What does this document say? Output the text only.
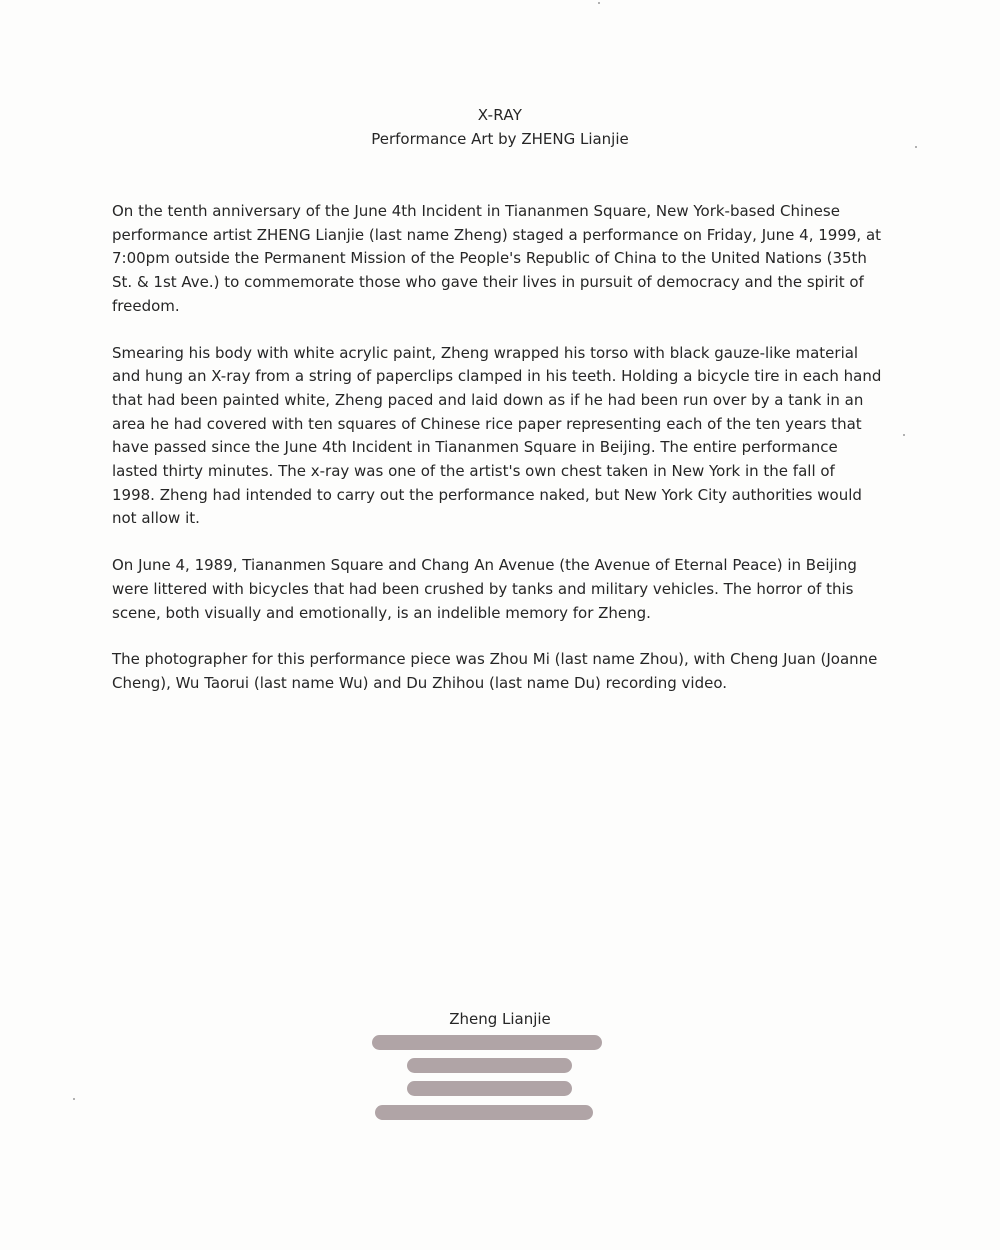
X-RAY
Performance Art by ZHENG Lianjie

On the tenth anniversary of the June 4th Incident in Tiananmen Square, New York-based Chinese performance artist ZHENG Lianjie (last name Zheng) staged a performance on Friday, June 4, 1999, at 7:00pm outside the Permanent Mission of the People's Republic of China to the United Nations (35th St. & 1st Ave.) to commemorate those who gave their lives in pursuit of democracy and the spirit of freedom.

Smearing his body with white acrylic paint, Zheng wrapped his torso with black gauze-like material and hung an X-ray from a string of paperclips clamped in his teeth. Holding a bicycle tire in each hand that had been painted white, Zheng paced and laid down as if he had been run over by a tank in an area he had covered with ten squares of Chinese rice paper representing each of the ten years that have passed since the June 4th Incident in Tiananmen Square in Beijing. The entire performance lasted thirty minutes. The x-ray was one of the artist's own chest taken in New York in the fall of 1998. Zheng had intended to carry out the performance naked, but New York City authorities would not allow it.

On June 4, 1989, Tiananmen Square and Chang An Avenue (the Avenue of Eternal Peace) in Beijing were littered with bicycles that had been crushed by tanks and military vehicles. The horror of this scene, both visually and emotionally, is an indelible memory for Zheng.

The photographer for this performance piece was Zhou Mi (last name Zhou), with Cheng Juan (Joanne Cheng), Wu Taorui (last name Wu) and Du Zhihou (last name Du) recording video.

Zheng Lianjie
